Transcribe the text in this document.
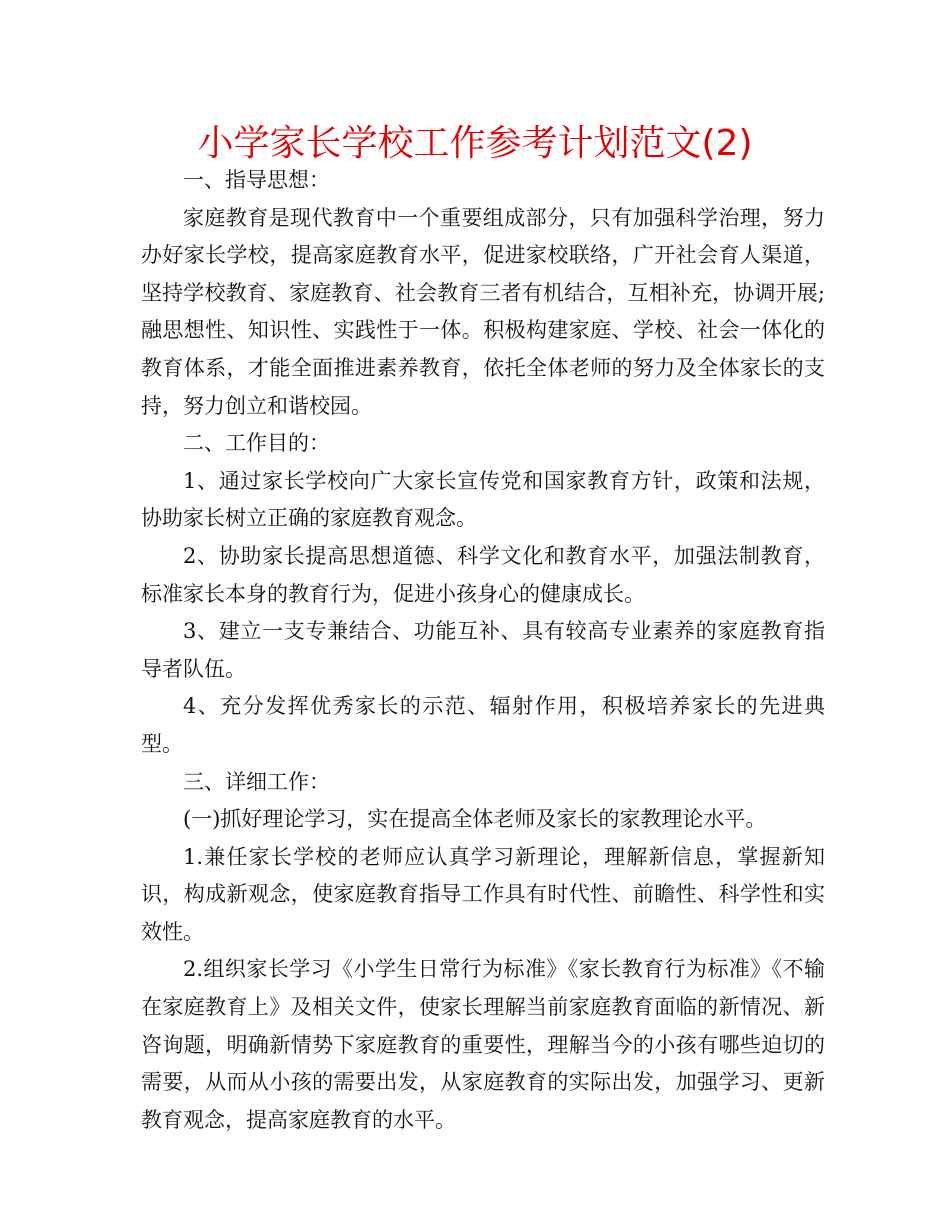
小学家长学校工作参考计划范文(2)

一、指导思想：

家庭教育是现代教育中一个重要组成部分，只有加强科学治理，努力办好家长学校，提高家庭教育水平，促进家校联络，广开社会育人渠道，坚持学校教育、家庭教育、社会教育三者有机结合，互相补充，协调开展;融思想性、知识性、实践性于一体。积极构建家庭、学校、社会一体化的教育体系，才能全面推进素养教育，依托全体老师的努力及全体家长的支持，努力创立和谐校园。

二、工作目的：

1、通过家长学校向广大家长宣传党和国家教育方针，政策和法规，协助家长树立正确的家庭教育观念。

2、协助家长提高思想道德、科学文化和教育水平，加强法制教育，标准家长本身的教育行为，促进小孩身心的健康成长。

3、建立一支专兼结合、功能互补、具有较高专业素养的家庭教育指导者队伍。

4、充分发挥优秀家长的示范、辐射作用，积极培养家长的先进典型。

三、详细工作：

(一)抓好理论学习，实在提高全体老师及家长的家教理论水平。

1.兼任家长学校的老师应认真学习新理论，理解新信息，掌握新知识，构成新观念，使家庭教育指导工作具有时代性、前瞻性、科学性和实效性。

2.组织家长学习《小学生日常行为标准》《家长教育行为标准》《不输在家庭教育上》及相关文件，使家长理解当前家庭教育面临的新情况、新咨询题，明确新情势下家庭教育的重要性，理解当今的小孩有哪些迫切的需要，从而从小孩的需要出发，从家庭教育的实际出发，加强学习、更新教育观念，提高家庭教育的水平。
